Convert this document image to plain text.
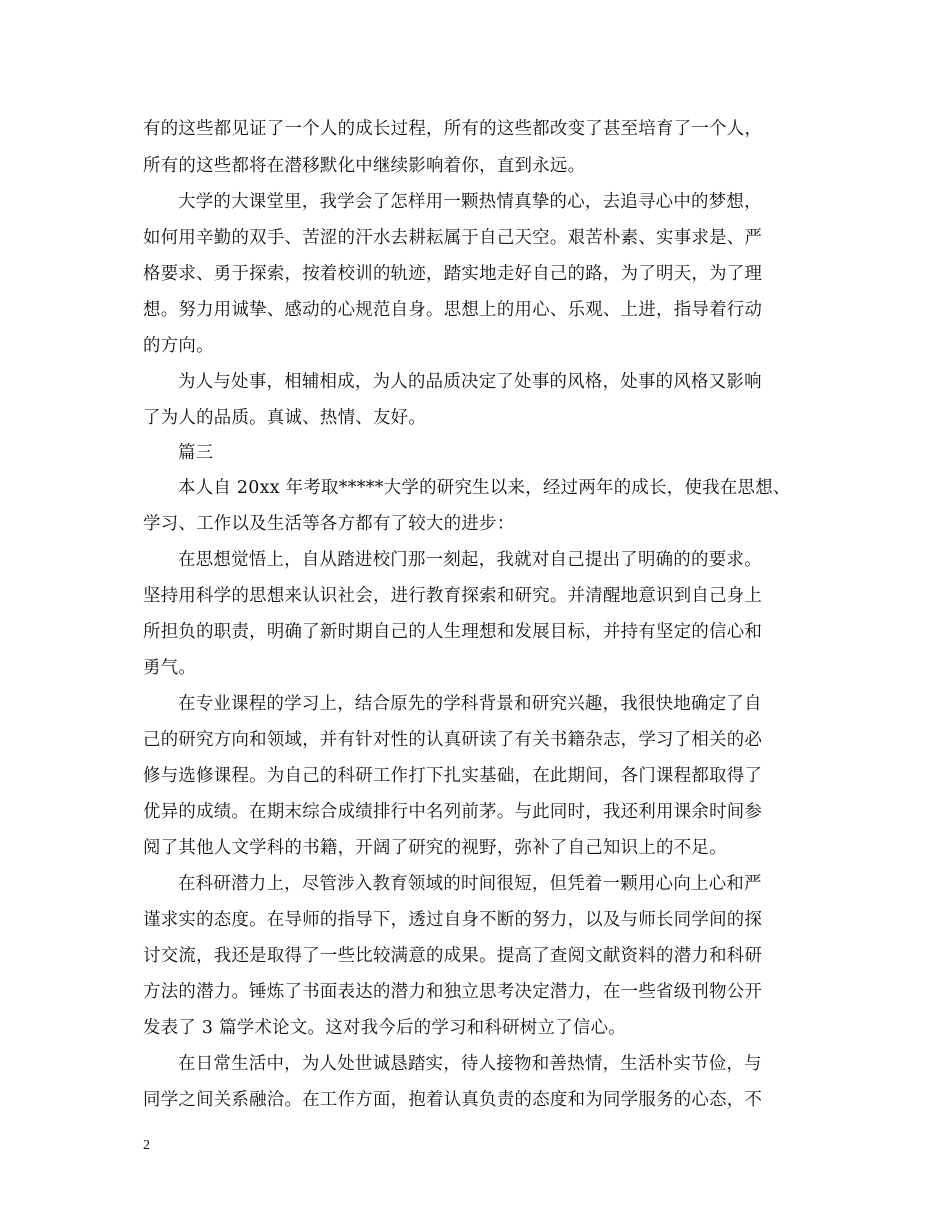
有的这些都见证了一个人的成长过程，所有的这些都改变了甚至培育了一个人，
所有的这些都将在潜移默化中继续影响着你，直到永远。
大学的大课堂里，我学会了怎样用一颗热情真挚的心，去追寻心中的梦想，
如何用辛勤的双手、苦涩的汗水去耕耘属于自己天空。艰苦朴素、实事求是、严
格要求、勇于探索，按着校训的轨迹，踏实地走好自己的路，为了明天，为了理
想。努力用诚挚、感动的心规范自身。思想上的用心、乐观、上进，指导着行动
的方向。
为人与处事，相辅相成，为人的品质决定了处事的风格，处事的风格又影响
了为人的品质。真诚、热情、友好。
篇三
本人自 20xx 年考取*****大学的研究生以来，经过两年的成长，使我在思想、
学习、工作以及生活等各方都有了较大的进步：
在思想觉悟上，自从踏进校门那一刻起，我就对自己提出了明确的的要求。
坚持用科学的思想来认识社会，进行教育探索和研究。并清醒地意识到自己身上
所担负的职责，明确了新时期自己的人生理想和发展目标，并持有坚定的信心和
勇气。
在专业课程的学习上，结合原先的学科背景和研究兴趣，我很快地确定了自
己的研究方向和领域，并有针对性的认真研读了有关书籍杂志，学习了相关的必
修与选修课程。为自己的科研工作打下扎实基础，在此期间，各门课程都取得了
优异的成绩。在期末综合成绩排行中名列前茅。与此同时，我还利用课余时间参
阅了其他人文学科的书籍，开阔了研究的视野，弥补了自己知识上的不足。
在科研潜力上，尽管涉入教育领域的时间很短，但凭着一颗用心向上心和严
谨求实的态度。在导师的指导下，透过自身不断的努力，以及与师长同学间的探
讨交流，我还是取得了一些比较满意的成果。提高了查阅文献资料的潜力和科研
方法的潜力。锤炼了书面表达的潜力和独立思考决定潜力，在一些省级刊物公开
发表了 3 篇学术论文。这对我今后的学习和科研树立了信心。
在日常生活中，为人处世诚恳踏实，待人接物和善热情，生活朴实节俭，与
同学之间关系融洽。在工作方面，抱着认真负责的态度和为同学服务的心态，不
2
